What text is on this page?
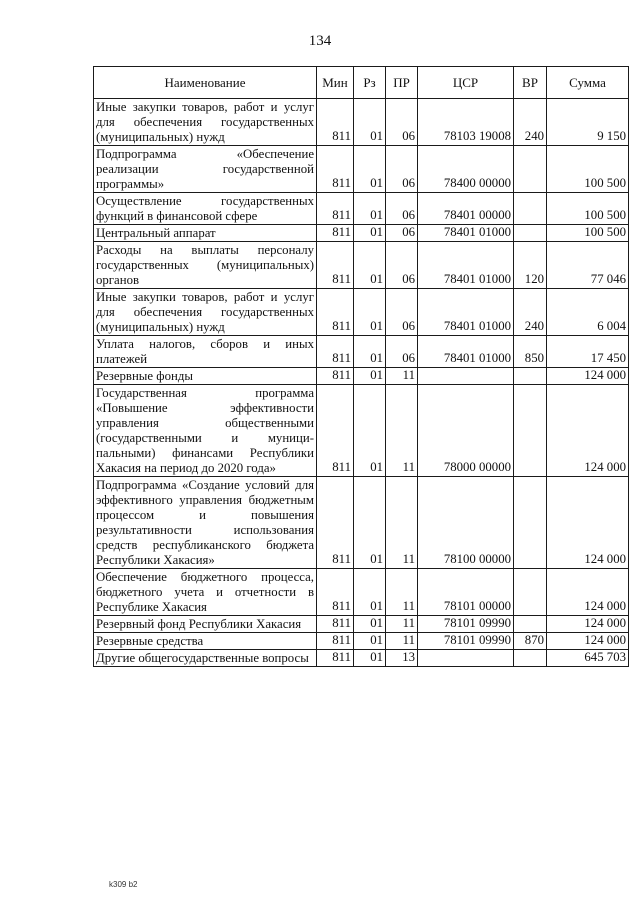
134
Наименование	Мин	Рз	ПР	ЦСР	ВР	Сумма
Иные закупки товаров, работ и услуг для обеспечения государственных (муниципальных) нужд	811	01	06	78103 19008	240	9 150
Подпрограмма «Обеспечение реализации государственной программы»	811	01	06	78400 00000		100 500
Осуществление государственных функций в финансовой сфере	811	01	06	78401 00000		100 500
Центральный аппарат	811	01	06	78401 01000		100 500
Расходы на выплаты персоналу государственных (муниципальных) органов	811	01	06	78401 01000	120	77 046
Иные закупки товаров, работ и услуг для обеспечения государственных (муниципальных) нужд	811	01	06	78401 01000	240	6 004
Уплата налогов, сборов и иных платежей	811	01	06	78401 01000	850	17 450
Резервные фонды	811	01	11			124 000
Государственная программа «Повышение эффективности управления общественными (государственными и муниципальными) финансами Республики Хакасия на период до 2020 года»	811	01	11	78000 00000		124 000
Подпрограмма «Создание условий для эффективного управления бюджетным процессом и повышения результативности использования средств республиканского бюджета Республики Хакасия»	811	01	11	78100 00000		124 000
Обеспечение бюджетного процесса, бюджетного учета и отчетности в Республике Хакасия	811	01	11	78101 00000		124 000
Резервный фонд Республики Хакасия	811	01	11	78101 09990		124 000
Резервные средства	811	01	11	78101 09990	870	124 000
Другие общегосударственные вопросы	811	01	13			645 703
k309 b2
